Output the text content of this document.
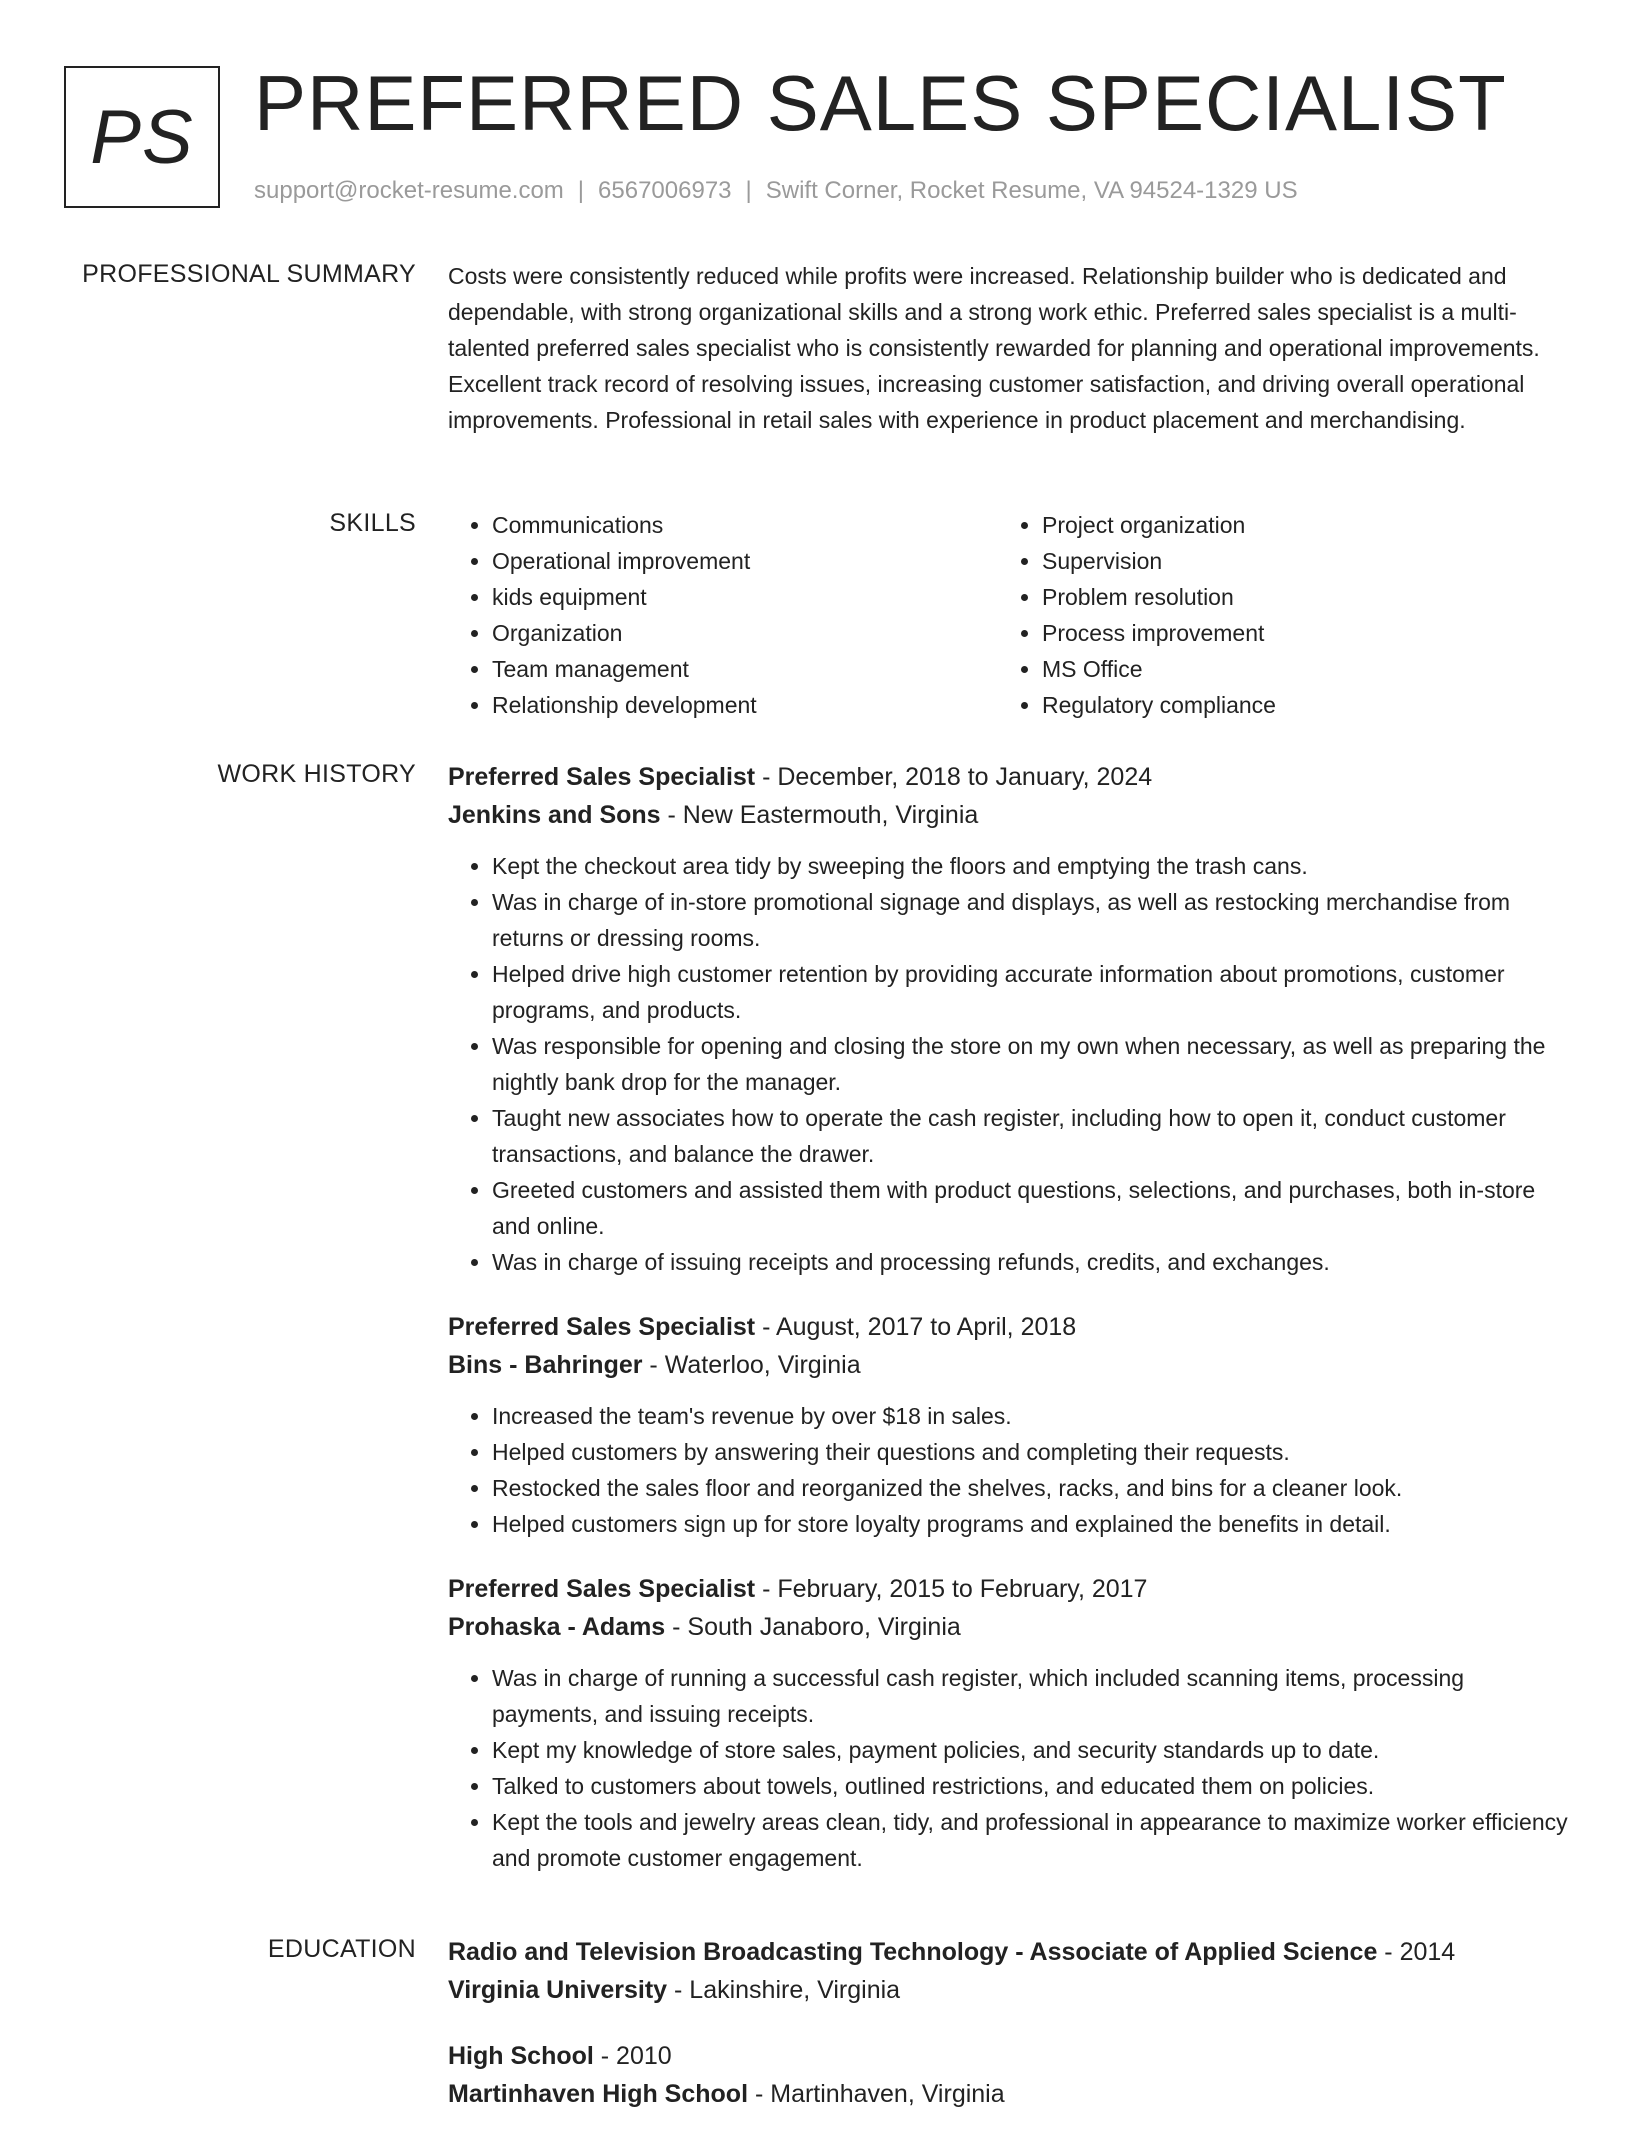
PS PREFERRED SALES SPECIALIST
support@rocket-resume.com | 6567006973 | Swift Corner, Rocket Resume, VA 94524-1329 US
PROFESSIONAL SUMMARY Costs were consistently reduced while profits were increased. Relationship builder who is dedicated and dependable, with strong organizational skills and a strong work ethic. Preferred sales specialist is a multi-talented preferred sales specialist who is consistently rewarded for planning and operational improvements. Excellent track record of resolving issues, increasing customer satisfaction, and driving overall operational improvements. Professional in retail sales with experience in product placement and merchandising.

SKILLS
•	Communications
• Operational improvement
• kids equipment
• Organization
• Team management
• Relationship development
• Project organization
• Supervision
• Problem resolution
• Process improvement
• MS Office
• Regulatory compliance
WORK HISTORY Preferred Sales Specialist - December, 2018 to January, 2024
Jenkins and Sons - New Eastermouth, Virginia
• Kept the checkout area tidy by sweeping the floors and emptying the trash cans.
• Was in charge of in-store promotional signage and displays, as well as restocking merchandise from returns or dressing rooms.
• Helped drive high customer retention by providing accurate information about promotions, customer programs, and products.
• Was responsible for opening and closing the store on my own when necessary, as well as preparing the nightly bank drop for the manager.
• Taught new associates how to operate the cash register, including how to open it, conduct customer transactions, and balance the drawer.
• Greeted customers and assisted them with product questions, selections, and purchases, both in-store and online.
• Was in charge of issuing receipts and processing refunds, credits, and exchanges.
Preferred Sales Specialist - August, 2017 to April, 2018
Bins - Bahringer - Waterloo, Virginia
• Increased the team's revenue by over $18 in sales.
• Helped customers by answering their questions and completing their requests.
• Restocked the sales floor and reorganized the shelves, racks, and bins for a cleaner look.
• Helped customers sign up for store loyalty programs and explained the benefits in detail.
Preferred Sales Specialist - February, 2015 to February, 2017
Prohaska - Adams - South Janaboro, Virginia
• Was in charge of running a successful cash register, which included scanning items, processing payments, and issuing receipts.
• Kept my knowledge of store sales, payment policies, and security standards up to date.
• Talked to customers about towels, outlined restrictions, and educated them on policies.
• Kept the tools and jewelry areas clean, tidy, and professional in appearance to maximize worker efficiency and promote customer engagement.
EDUCATION Radio and Television Broadcasting Technology - Associate of Applied Science - 2014
Virginia University - Lakinshire, Virginia
High School - 2010
Martinhaven High School - Martinhaven, Virginia
